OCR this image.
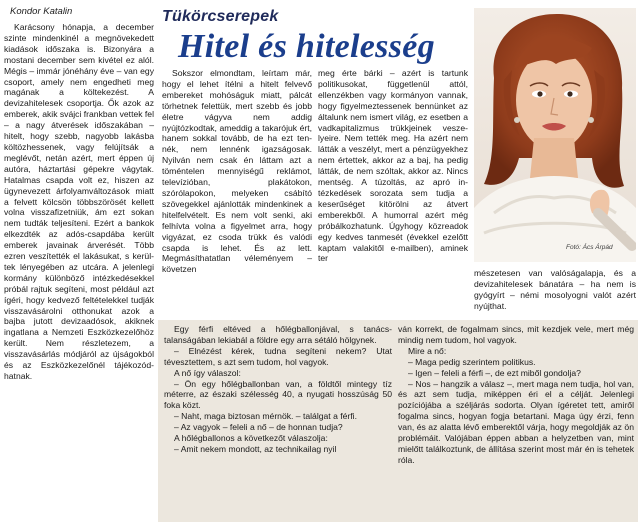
Kondor Katalin	Tükörcserepek
Hitel és hitelesség

Karácsony hónapja, a december szinte mindenkinél a megnövekedett kiadások időszaka is. Bizonyára a mostani december sem kivétel ez alól. Mégis – immár jónéhány éve – van egy csoport, amely nem engedheti meg magának a költekezést. A devizahitelesek csoportja. Ők azok az emberek, akik svájci frankban vettek fel – a nagy átverések időszakában – hitelt, hogy szebb, nagyobb lakásba költözhessenek, vagy felújítsák a meglévőt, netán azért, mert éppen új autóra, háztartási gépekre vágytak. Hatalmas csapda volt ez, hiszen az ügynevezett árfolyamváltozások miatt a felvett kölcsön többszörösét kellett volna visszafizetniük, ám ezt sokan nem tudták teljesíteni. Ezért a bankok elkezdték az adós-csapdába került emberek javainak árverését. Több ezren veszítették el lakásukat, s kerültek lényegében az utcára. A jelenlegi kormány különböző intézkedésekkel próbál rajtuk segíteni, most például azt ígéri, hogy kedvező feltételekkel tudják visszavásárolni otthonukat azok a bajba jutott devizaadósok, akiknek ingatlana a Nemzeti Eszközkezelőhöz került. Nem részletezem, a visszavásárlás módjáról az újságokból és az Eszközkezelőnél tájékozódhatnak.

Sokszor elmondtam, leírtam már, hogy el lehet ítélni a hitelt felvevő embereket mohóságuk miatt, pálcát törhetnek felettük, mert szebb és jobb életre vágyva nem addig nyújtózkodtak, ameddig a takarójuk ért, hanem sokkal tovább, de ha ezt tennék, nem lennénk igazságosak. Nyilván nem csak én láttam azt a töméntelen mennyiségű reklámot, televízióban, plakátokon, szórólapokon, melyeken csábító szövegekkel ajánlották mindenkinek a hitelfelvételt. Es nem volt senki, aki felhívta volna a figyelmet arra, hogy vigyázat, ez csoda trükk és valódi csapda is lehet. És az lett. Megmásíthatatlan véleményem – követzen

meg érte bárki – azért is tartunk politikusokat, függetlenül attól, ellenzékben vagy kormányon vannak, hogy figyelmeztessenek bennünket az általunk nem ismert világ, ez esetben a vadkapitalizmus trükkjeinek veszelyeire. Nem tették meg. Ha azért nem látták a veszélyt, mert a pénzügyekhez nem értettek, akkor az a baj, ha pedig látták, de nem szóltak, akkor az. Nincs mentség. A túzoltás, az apró intézkedések sorozata sem tudja a keserűséget kitörölni az átvert emberekből. A humorral azért még próbálkozhatunk. Úgyhogy közreadok egy kedves tanmesét (évekkel ezelőtt kaptam valakitől e-mailben), aminek ter

Fotó: Ács Árpád

mészetesen van valóságalapja, és a devizahitelesek bánatára – ha nem is gyógyírt – némi mosolyogni valót azért nyújthat.

Egy férfi eltéved a hőlégballonjával, s tanácstalanságában lekiabál a földre egy arra sétáló hölgynek.

– Elnézést kérek, tudna segíteni nekem? Utat tévesztettem, s azt sem tudom, hol vagyok.

A nő így válaszol:

– Ön egy hőlégballonban van, a földtől mintegy tíz méterre, az északi szélesség 40, a nyugati hosszúság 50 foka közt.

– Naht, maga biztosan mérnök. – találgat a férfi.

– Az vagyok – feleli a nő – de honnan tudja?

A hőlégballonos a következőt válaszolja:

– Amit nekem mondott, az technikailag nyil

ván korrekt, de fogalmam sincs, mit kezdjek vele, mert még mindig nem tudom, hol vagyok.

Mire a nő:

– Maga pedig szerintem politikus.

– Igen – feleli a férfi –, de ezt miből gondolja?

– Nos – hangzik a válasz –, mert maga nem tudja, hol van, és azt sem tudja, miképpen éri el a célját. Jelenlegi pozíciójába a széljárás sodorta. Olyan ígéretet tett, amiről fogalma sincs, hogyan fogja betartani. Maga úgy érzi, fenn van, és az alatta lévő emberektől várja, hogy megoldják az ön problémáit. Valójában éppen abban a helyzetben van, mint mielőtt találkoztunk, de állítása szerint most már én is tehetek róla.
